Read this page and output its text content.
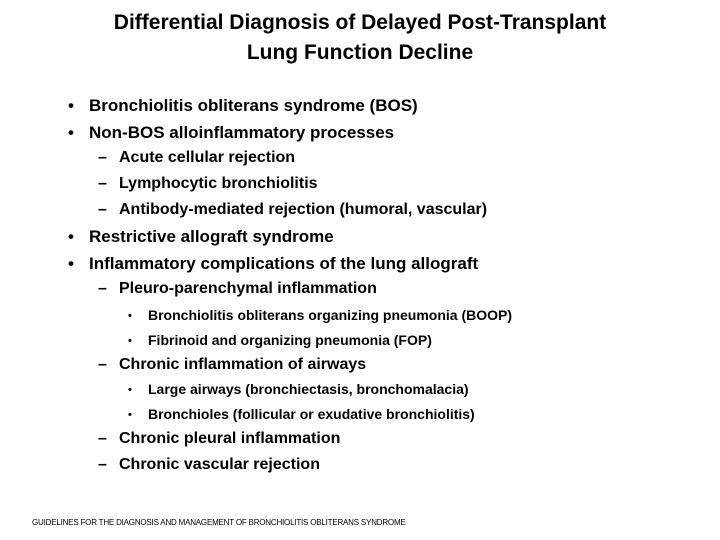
Differential Diagnosis of Delayed Post-Transplant
Lung Function Decline
• Bronchiolitis obliterans syndrome (BOS)
• Non-BOS alloinflammatory processes
– Acute cellular rejection
– Lymphocytic bronchiolitis
– Antibody-mediated rejection (humoral, vascular)
• Restrictive allograft syndrome
• Inflammatory complications of the lung allograft
– Pleuro-parenchymal inflammation
• Bronchiolitis obliterans organizing pneumonia (BOOP)
• Fibrinoid and organizing pneumonia (FOP)
– Chronic inflammation of airways
• Large airways (bronchiectasis, bronchomalacia)
• Bronchioles (follicular or exudative bronchiolitis)
– Chronic pleural inflammation
– Chronic vascular rejection
GUIDELINES FOR THE DIAGNOSIS AND MANAGEMENT OF BRONCHIOLITIS OBLITERANS SYNDROME
